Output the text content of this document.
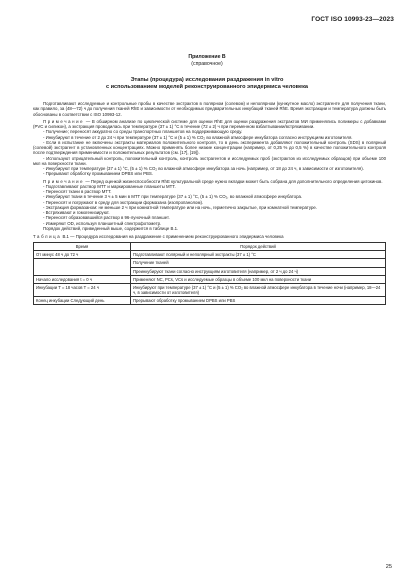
ГОСТ ISO 10993-23—2023
Приложение B
(справочное)
Этапы (процедура) исследования раздражения in vitro
с использованием моделей реконструированного эпидермиса человека

Подготавливают исследуемые и контрольные пробы в качестве экстрактов в полярном (солевом) и неполярном (кунжутное масло) экстрагенте для получения ткани, как правило, за (48—72) ч до получения тканей RhE и зависимости от необходимых предварительных инкубаций тканей RhE. Время экстракции и температура должны быть обоснованы в соответствии с ISO 10993-12.

Примечание — В обширном анализе по циклической системе для оценки RhE для оценки раздражения экстрактов МИ применялись полимеры с добавками (PVC и силикон), а экстракция проводилась при температуре (37 ± 1) °С в течение (72 ± 2) ч при переменном взбалтывании/встряхивании.

- Получение; переносят аккуратно со среды транспортных планшетов на поддерживающую среду.

- Инкубируют в течение от 2 до 24 ч при температуре (37 ± 1) °С и (5 ± 1) % CO₂ во влажной атмосфере инкубатора согласно инструкциям изготовителя.

- Если в испытание не включены экстракты материалов положительного контроля, то в день эксперимента добавляют положительный контроль (SDS) в полярный (солевой) экстрагент в установленных концентрациях. Можно применять более низкие концентрации (например, от 0,25 % до 0,5 %) в качестве положительного контроля после подтверждения применимости и положительных результатов (см. [17], [19]).

- Используют отрицательный контроль, положительный контроль, контроль экстрагентов и исследуемых проб (экстрактов из исследуемых образцов) при объеме 100 мкл на поверхности ткани.

- Инкубируют при температуре (37 ± 1) °С, (5 ± 1) % CO₂ во влажной атмосфере инкубатора за ночь (например, от 18 до 24 ч, в зависимости от изготовителя).

- Прерывают обработку промыванием DPBS или PBS.

Примечание — Перед оценкой жизнеспособности RhE культуральной среде нужно вкладки может быть собрана для дополнительного определения цитокинов.

- Подготавливают раствор МТТ и маркированные планшеты МТТ.

- Переносят ткани в раствор МТТ.

- Инкубируют ткани в течение 3 ч ± 5 мин в МТТ при температуре (37 ± 1) °С, (5 ± 1) % CO₂, во влажной атмосфере инкубатора.

- Переносят и погружают в среду для экстракции формазана (изопропанолом).

- Экстракция формазаном: не меньше 2 ч при комнатной температуре или на ночь, герметично закрытые, при комнатной температуре.

- Встряхивают и гомогенизируют.

- Переносят образовавшийся раствор в 96-луночный планшет.

- Измеряют OD, используя планшетный спектрофотометр.

Порядок действий, приведенный выше, содержится в таблице B.1.

Таблица B.1 — Процедура исследования на раздражение с применением реконструированного эпидермиса человека
Время	Порядок действий
От минус 48 ч до 72 ч	Подготавливают полярный и неполярный экстракты (37 ± 1) °С
	Получение тканей
	Преинкубируют ткани согласно инструкциям изготовителя (например, от 2 ч до 24 ч)
Начало исследования t = 0 ч	Применяют NC, PCs, VCs и исследуемые образцы в объеме 100 мкл на поверхности ткани
Инкубации T = 18 часов T = 24 ч	Инкубируют при температуре (37 ± 1) °С и (5 ± 1) % CO₂ во влажной атмосфере инкубатора в течение ночи (например, 18—24 ч, в зависимости от изготовителя)
Конец инкубации Следующий день	Прерывают обработку промыванием DPBS или PBS
25
